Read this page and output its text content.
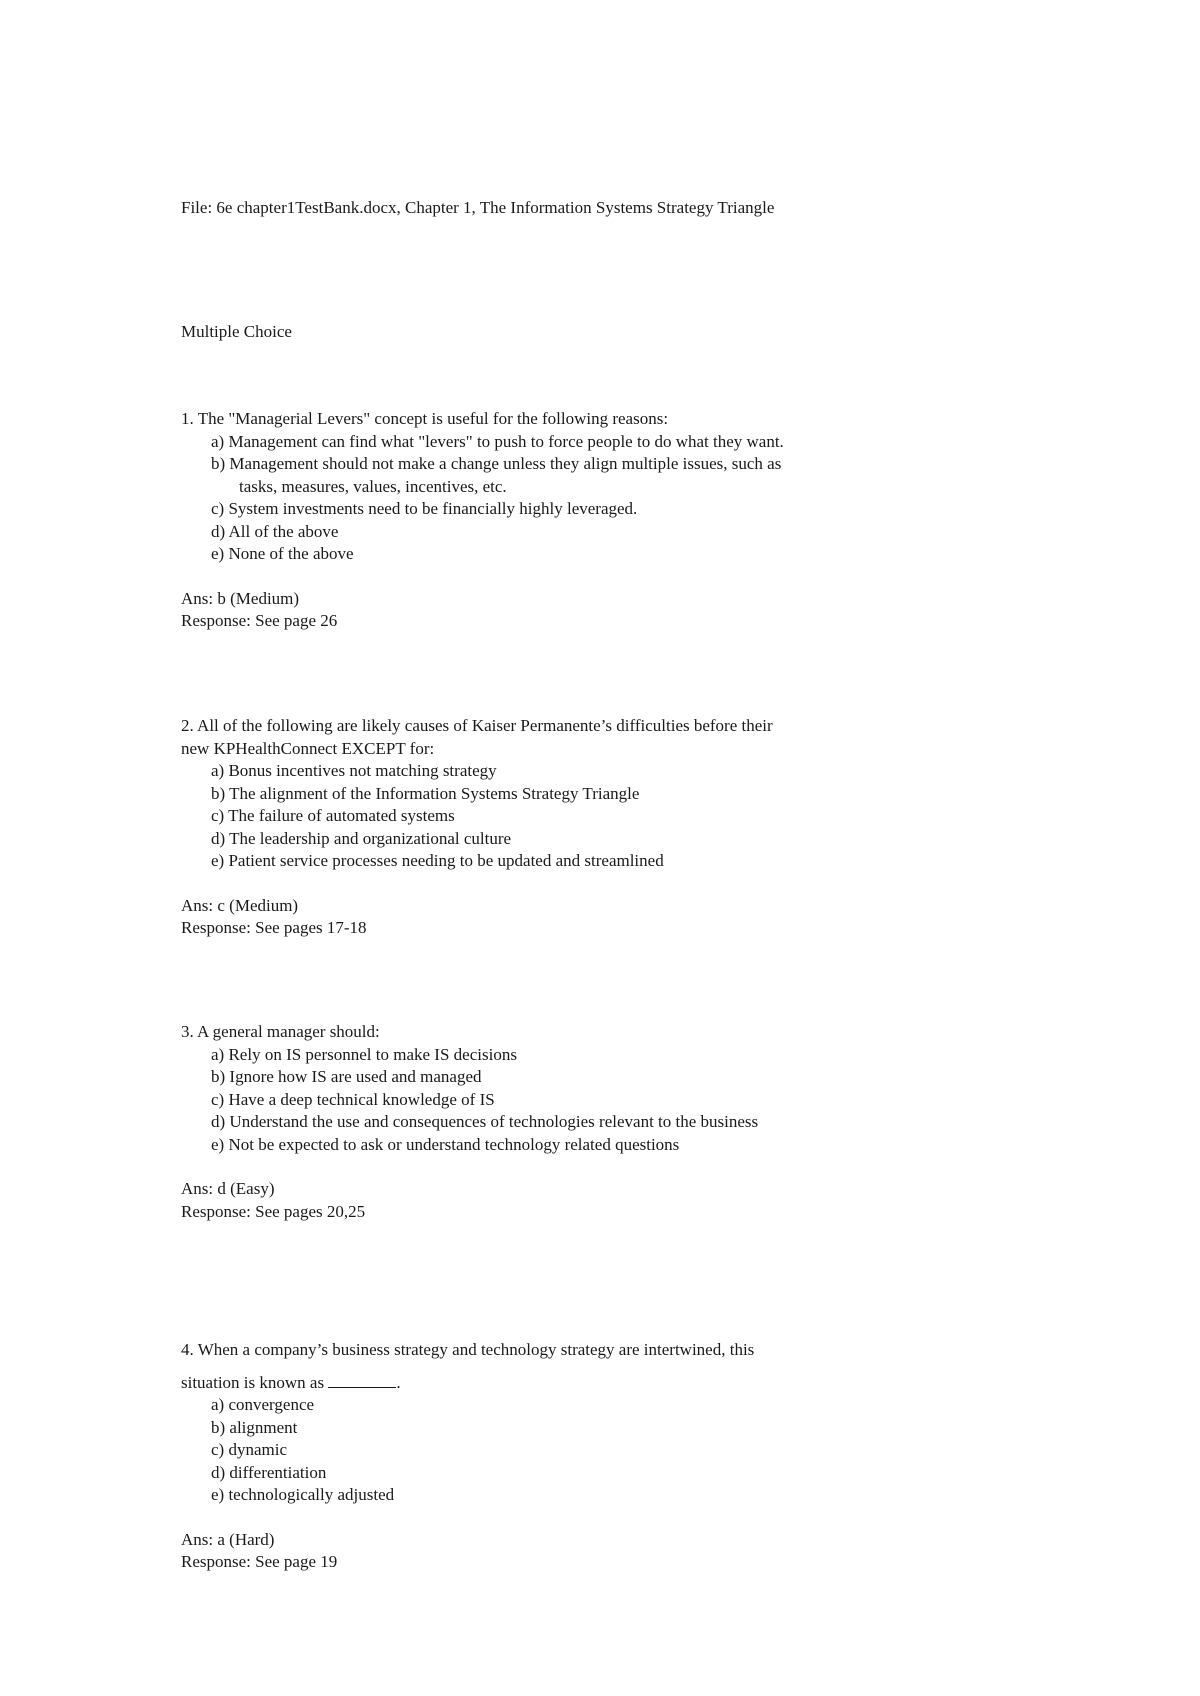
File: 6e chapter1TestBank.docx, Chapter 1, The Information Systems Strategy Triangle
Multiple Choice
1. The "Managerial Levers" concept is useful for the following reasons:
a) Management can find what "levers" to push to force people to do what they want.
b) Management should not make a change unless they align multiple issues, such as
tasks, measures, values, incentives, etc.
c) System investments need to be financially highly leveraged.
d) All of the above
e) None of the above
Ans: b (Medium)
Response: See page 26
2. All of the following are likely causes of Kaiser Permanente’s difficulties before their
new KPHealthConnect EXCEPT for:
a) Bonus incentives not matching strategy
b) The alignment of the Information Systems Strategy Triangle
c) The failure of automated systems
d) The leadership and organizational culture
e) Patient service processes needing to be updated and streamlined
Ans: c (Medium)
Response: See pages 17-18
3. A general manager should:
a) Rely on IS personnel to make IS decisions
b) Ignore how IS are used and managed
c) Have a deep technical knowledge of IS
d) Understand the use and consequences of technologies relevant to the business
e) Not be expected to ask or understand technology related questions
Ans: d (Easy)
Response: See pages 20,25
4. When a company’s business strategy and technology strategy are intertwined, this
situation is known as	.
a) convergence
b) alignment
c) dynamic
d) differentiation
e) technologically adjusted
Ans: a (Hard)
Response: See page 19
